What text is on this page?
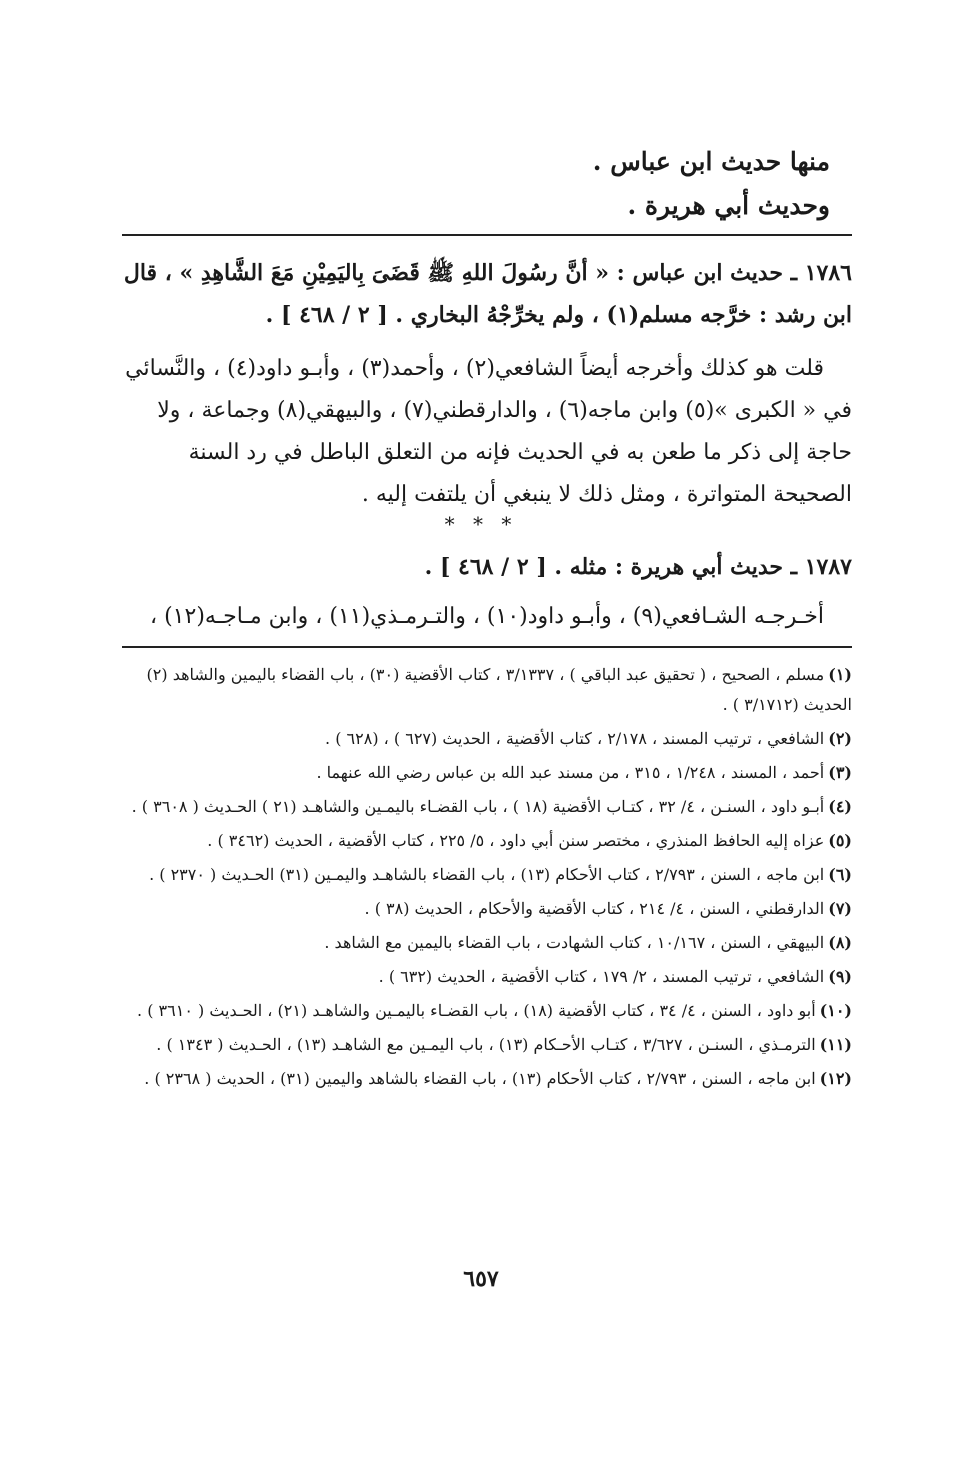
منها حديث ابن عباس .
وحديث أبي هريرة .
١٧٨٦ ـ حديث ابن عباس : « أنَّ رسُولَ اللهِ ﷺ قَضَىَ بِاليَمِيْنِ مَعَ الشَّاهِدِ » ، قال ابن رشد : خرَّجه مسلم(١) ، ولم يخرِّجْهُ البخاري . [ ٢ / ٤٦٨ ] .
قلت هو كذلك وأخرجه أيضاً الشافعي(٢) ، وأحمد(٣) ، وأبـو داود(٤) ، والنَّسائي في « الكبرى »(٥) وابن ماجه(٦) ، والدارقطني(٧) ، والبيهقي(٨) وجماعة ، ولا حاجة إلى ذكر ما طعن به في الحديث فإنه من التعلق الباطل في رد السنة الصحيحة المتواترة ، ومثل ذلك لا ينبغي أن يلتفت إليه .
* * *
١٧٨٧ ـ حديث أبي هريرة : مثله . [ ٢ / ٤٦٨ ] .
أخـرجـه الشـافعي(٩) ، وأبـو داود(١٠) ، والتـرمـذي(١١) ، وابن مـاجـه(١٢) ،

(١)مسلم ، الصحيح ، ( تحقيق عبد الباقي ) ، ٣/١٣٣٧ ، كتاب الأقضية (٣٠) ، باب القضاء باليمين والشاهد (٢) الحديث (٣/١٧١٢ ) .

(٢)الشافعي ، ترتيب المسند ، ٢/١٧٨ ، كتاب الأقضية ، الحديث (٦٢٧ ) ، (٦٢٨ ) .

(٣)أحمد ، المسند ، ١/٢٤٨ ، ٣١٥ ، من مسند عبد الله بن عباس رضي الله عنهما .

(٤)أبـو داود ، السنـن ، ٤/ ٣٢ ، كتـاب الأقضية (١٨ ) ، باب القضـاء باليمـين والشاهـد (٢١ ) الحـديث ( ٣٦٠٨ ) .

(٥)عزاه إليه الحافظ المنذري ، مختصر سنن أبي داود ، ٥/ ٢٢٥ ، كتاب الأقضية ، الحديث (٣٤٦٢ ) .

(٦)ابن ماجه ، السنن ، ٢/٧٩٣ ، كتاب الأحكام (١٣) ، باب القضاء بالشاهـد واليمـين (٣١) الحـديث ( ٢٣٧٠ ) .

(٧)الدارقطني ، السنن ، ٤/ ٢١٤ ، كتاب الأقضية والأحكام ، الحديث (٣٨ ) .

(٨)البيهقي ، السنن ، ١٠/١٦٧ ، كتاب الشهادت ، باب القضاء باليمين مع الشاهد .

(٩)الشافعي ، ترتيب المسند ، ٢/ ١٧٩ ، كتاب الأقضية ، الحديث (٦٣٢ ) .

(١٠)أبو داود ، السنن ، ٤/ ٣٤ ، كتاب الأقضية (١٨) ، باب القضـاء باليمـين والشاهـد (٢١) ، الحـديث ( ٣٦١٠ ) .

(١١)الترمـذي ، السنـن ، ٣/٦٢٧ ، كتـاب الأحـكام (١٣) ، باب اليمـين مع الشاهـد (١٣) ، الحـديث ( ١٣٤٣ ) .

(١٢)ابن ماجه ، السنن ، ٢/٧٩٣ ، كتاب الأحكام (١٣) ، باب القضاء بالشاهد واليمين (٣١) ، الحديث ( ٢٣٦٨ ) .

٦٥٧
